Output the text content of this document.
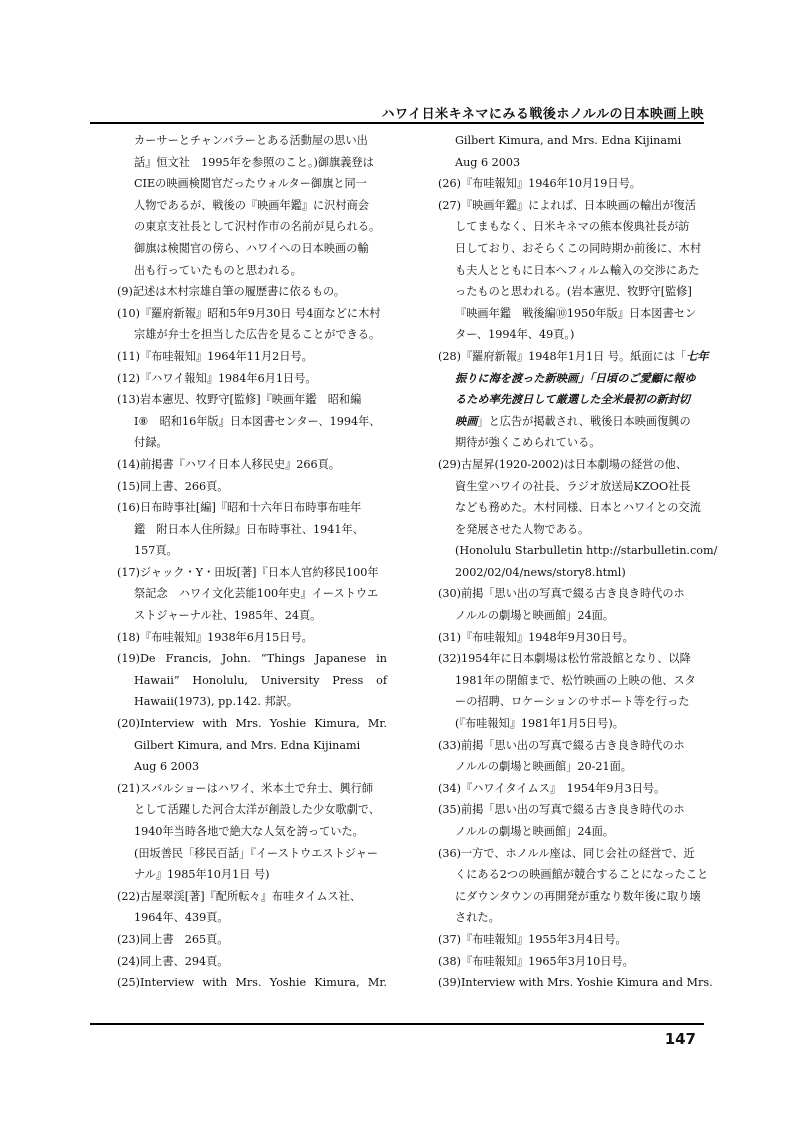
ハワイ日米キネマにみる戦後ホノルルの日本映画上映
カーサーとチャンバラーとある活動屋の思い出
話』恒文社　1995年を参照のこと。)御旗義登は
CIEの映画検閲官だったウォルター御旗と同一
人物であるが、戦後の『映画年鑑』に沢村商会
の東京支社長として沢村作市の名前が見られる。
御旗は検閲官の傍ら、ハワイへの日本映画の輸
出も行っていたものと思われる。
(9)記述は木村宗雄自筆の履歴書に依るもの。
(10)『羅府新報』昭和5年9月30日 号4面などに木村
宗雄が弁士を担当した広告を見ることができる。
(11)『布哇報知』1964年11月2日号。
(12)『ハワイ報知』1984年6月1日号。
(13)岩本憲児、牧野守[監修]『映画年鑑　昭和編
Ⅰ⑧　昭和16年版』日本図書センター、1994年、
付録。
(14)前掲書『ハワイ日本人移民史』266頁。
(15)同上書、266頁。
(16)日布時事社[編]『昭和十六年日布時事布哇年
鑑　附日本人住所録』日布時事社、1941年、
157頁。
(17)ジャック・Y・田坂[著]『日本人官約移民100年
祭記念　ハワイ文化芸能100年史』イーストウエ
ストジャーナル社、1985年、24頁。
(18)『布哇報知』1938年6月15日号。
(19)De Francis, John. “Things Japanese in
Hawaii” Honolulu, University Press of
Hawaii(1973), pp.142. 邦訳。
(20)Interview with Mrs. Yoshie Kimura, Mr.
Gilbert Kimura, and Mrs. Edna Kijinami
Aug 6 2003
(21)スバルショーはハワイ、米本土で弁士、興行師
として活躍した河合太洋が創設した少女歌劇で、
1940年当時各地で絶大な人気を誇っていた。
(田坂善民「移民百話」『イーストウエストジャー
ナル』1985年10月1日 号)
(22)古屋翠渓[著]『配所転々』布哇タイムス社、
1964年、439頁。
(23)同上書　265頁。
(24)同上書、294頁。
(25)Interview with Mrs. Yoshie Kimura, Mr.
Gilbert Kimura, and Mrs. Edna Kijinami
Aug 6 2003
(26)『布哇報知』1946年10月19日号。
(27)『映画年鑑』によれば、日本映画の輸出が復活
してまもなく、日米キネマの熊本俊典社長が訪
日しており、おそらくこの同時期か前後に、木村
も夫人とともに日本へフィルム輸入の交渉にあた
ったものと思われる。(岩本憲児、牧野守[監修]
『映画年鑑　戦後編⑩1950年版』日本図書セン
ター、1994年、49頁。)
(28)『羅府新報』1948年1月1日 号。紙面には「七年
振りに海を渡った新映画」「日頃のご愛顧に報ゆ
るため率先渡日して厳選した全米最初の新封切
映画」と広告が掲載され、戦後日本映画復興の
期待が強くこめられている。
(29)古屋昇(1920-2002)は日本劇場の経営の他、
資生堂ハワイの社長、ラジオ放送局KZOO社長
なども務めた。木村同様、日本とハワイとの交流
を発展させた人物である。
(Honolulu Starbulletin http://starbulletin.com/
2002/02/04/news/story8.html)
(30)前掲「思い出の写真で綴る古き良き時代のホ
ノルルの劇場と映画館」24面。
(31)『布哇報知』1948年9月30日号。
(32)1954年に日本劇場は松竹常設館となり、以降
1981年の閉館まで、松竹映画の上映の他、スタ
ーの招聘、ロケーションのサポート等を行った
(『布哇報知』1981年1月5日号)。
(33)前掲「思い出の写真で綴る古き良き時代のホ
ノルルの劇場と映画館」20-21面。
(34)『ハワイタイムス』　1954年9月3日号。
(35)前掲「思い出の写真で綴る古き良き時代のホ
ノルルの劇場と映画館」24面。
(36)一方で、ホノルル座は、同じ会社の経営で、近
くにある2つの映画館が競合することになったこと
にダウンタウンの再開発が重なり数年後に取り壊
された。
(37)『布哇報知』1955年3月4日号。
(38)『布哇報知』1965年3月10日号。
(39)Interview with Mrs. Yoshie Kimura and Mrs.
147
